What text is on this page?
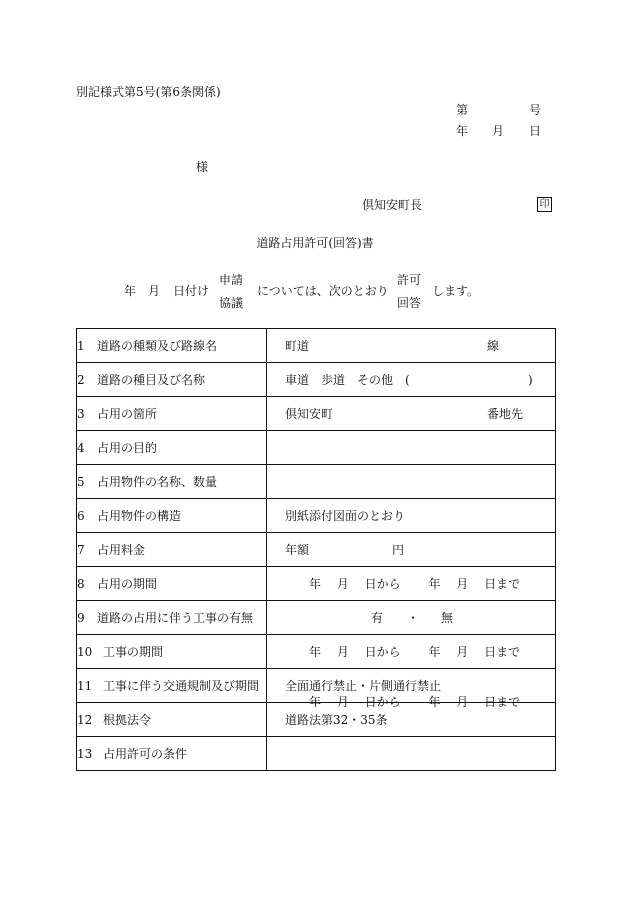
別記様式第5号(第6条関係)
第	号
年 月 日
様
倶知安町長	印
道路占用許可(回答)書
年 月 日付け
申請
協議
については、次のとおり
許可
回答
します。
1 道路の種類及び路線名	町道 線

2 道路の種目及び名称	車道　歩道　その他　( )

3 占用の箇所	倶知安町 番地先

4 占用の目的	
5 占用物件の名称、数量	
6 占用物件の構造	別紙添付図面のとおり

7 占用料金	年額 円

8 占用の期間	年　 月　 日から　　 年　 月　 日まで

9 道路の占用に伴う工事の有無	有 ・ 無

10 工事の期間	年　 月　 日から　　 年　 月　 日まで

11 工事に伴う交通規制及び期間	全面通行禁止・片側通行禁止
年　 月　 日から　　 年　 月　 日まで

12 根拠法令	道路法第32・35条

13 占用許可の条件	
